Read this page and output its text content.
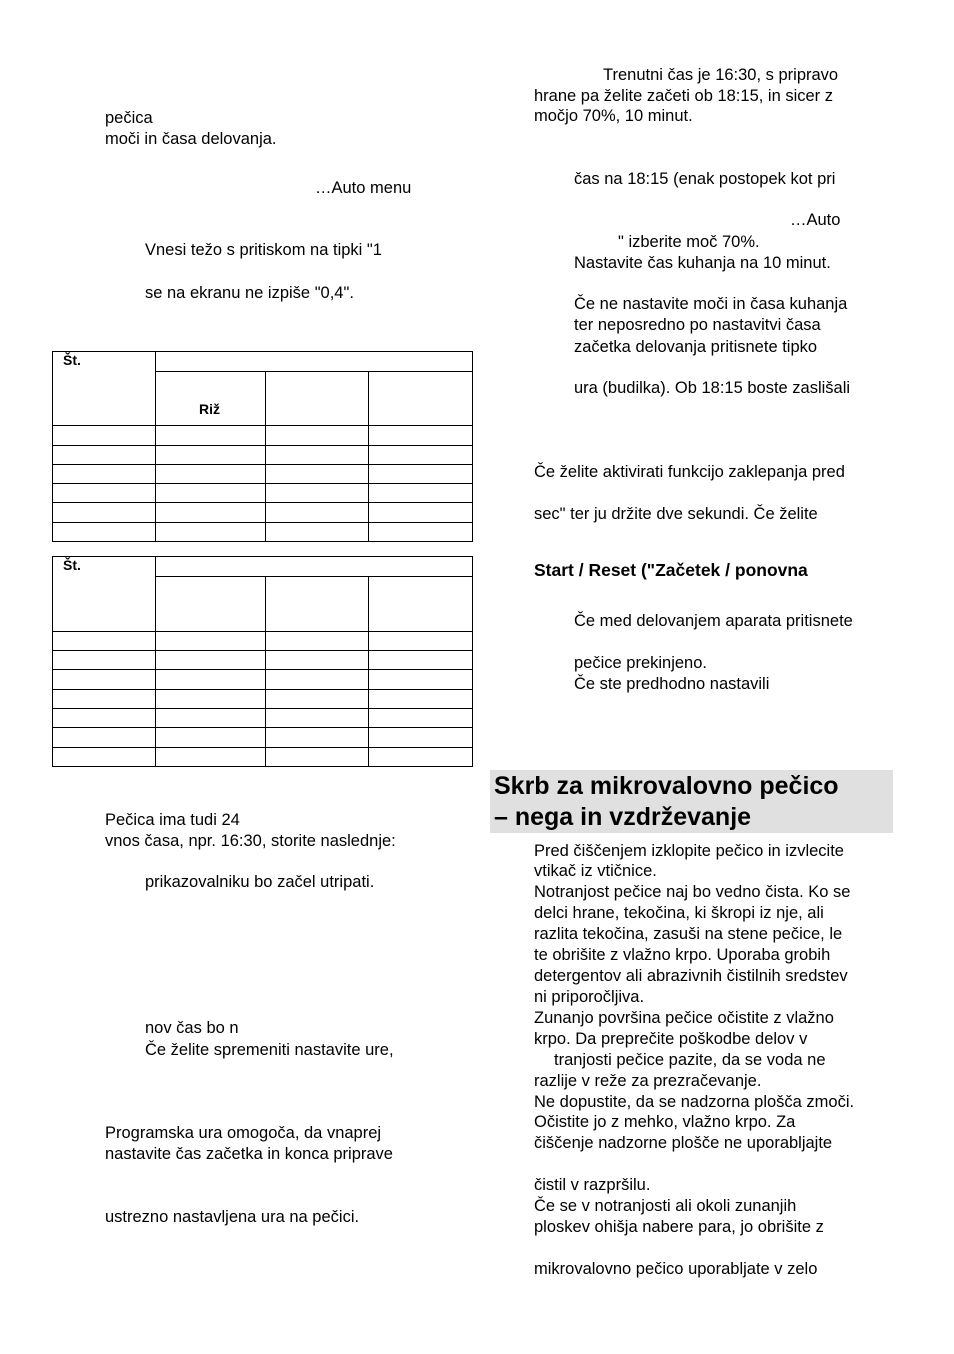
pečica
moči in časa delovanja.
…Auto menu
Vnesi težo s pritiskom na tipki "1
se na ekranu ne izpiše "0,4".
Št.			
	Riž		

Št.			

Pečica ima tudi 24
vnos časa, npr. 16:30, storite naslednje:
prikazovalniku bo začel utripati.
nov čas bo n
Če želite spremeniti nastavite ure,
Programska ura omogoča, da vnaprej
nastavite čas začetka in konca priprave
ustrezno nastavljena ura na pečici.
Trenutni čas je 16:30, s pripravo
hrane pa želite začeti ob 18:15, in sicer z
močjo 70%, 10 minut.
čas na 18:15 (enak postopek kot pri
…Auto
" izberite moč 70%.
Nastavite čas kuhanja na 10 minut.
Če ne nastavite moči in časa kuhanja
ter neposredno po nastavitvi časa
začetka delovanja pritisnete tipko
ura (budilka). Ob 18:15 boste zaslišali
Če želite aktivirati funkcijo zaklepanja pred
sec" ter ju držite dve sekundi. Če želite
Start / Reset ("Začetek / ponovna
Če med delovanjem aparata pritisnete
pečice prekinjeno.
Če ste predhodno nastavili
Skrb za mikrovalovno pečico
– nega in vzdrževanje
Pred čiščenjem izklopite pečico in izvlecite
vtikač iz vtičnice.
Notranjost pečice naj bo vedno čista. Ko se
delci hrane, tekočina, ki škropi iz nje, ali
razlita tekočina, zasuši na stene pečice, le
te obrišite z vlažno krpo. Uporaba grobih
detergentov ali abrazivnih čistilnih sredstev
ni priporočljiva.
Zunanjo površina pečice očistite z vlažno
krpo. Da preprečite poškodbe delov v
tranjosti pečice pazite, da se voda ne
razlije v reže za prezračevanje.
Ne dopustite, da se nadzorna plošča zmoči.
Očistite jo z mehko, vlažno krpo. Za
čiščenje nadzorne plošče ne uporabljajte
čistil v razpršilu.
Če se v notranjosti ali okoli zunanjih
ploskev ohišja nabere para, jo obrišite z
mikrovalovno pečico uporabljate v zelo
